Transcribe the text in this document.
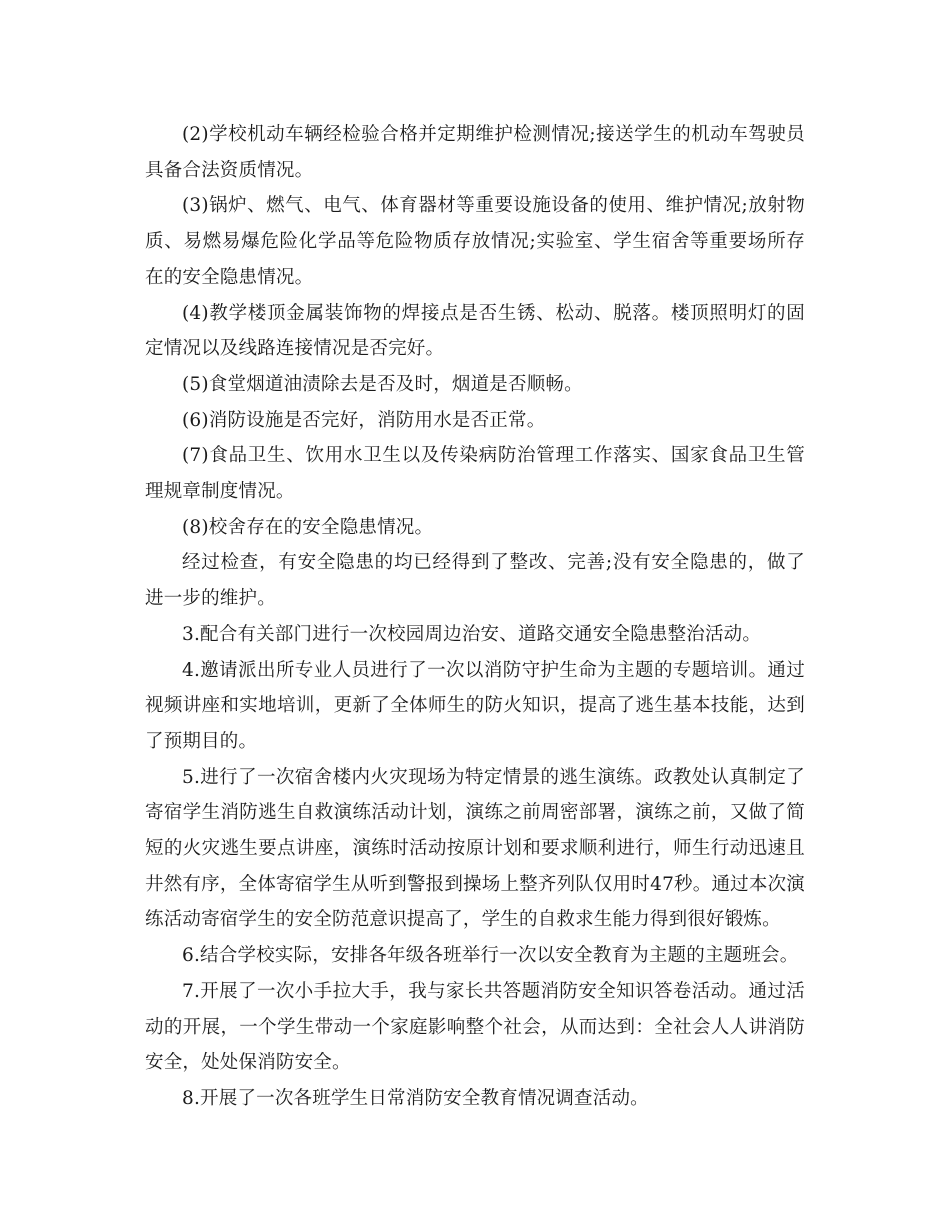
(2)学校机动车辆经检验合格并定期维护检测情况;接送学生的机动车驾驶员具备合法资质情况。

(3)锅炉、燃气、电气、体育器材等重要设施设备的使用、维护情况;放射物质、易燃易爆危险化学品等危险物质存放情况;实验室、学生宿舍等重要场所存在的安全隐患情况。

(4)教学楼顶金属装饰物的焊接点是否生锈、松动、脱落。楼顶照明灯的固定情况以及线路连接情况是否完好。

(5)食堂烟道油渍除去是否及时，烟道是否顺畅。

(6)消防设施是否完好，消防用水是否正常。

(7)食品卫生、饮用水卫生以及传染病防治管理工作落实、国家食品卫生管理规章制度情况。

(8)校舍存在的安全隐患情况。

经过检查，有安全隐患的均已经得到了整改、完善;没有安全隐患的，做了进一步的维护。

3.配合有关部门进行一次校园周边治安、道路交通安全隐患整治活动。

4.邀请派出所专业人员进行了一次以消防守护生命为主题的专题培训。通过视频讲座和实地培训，更新了全体师生的防火知识，提高了逃生基本技能，达到了预期目的。

5.进行了一次宿舍楼内火灾现场为特定情景的逃生演练。政教处认真制定了寄宿学生消防逃生自救演练活动计划，演练之前周密部署，演练之前，又做了简短的火灾逃生要点讲座，演练时活动按原计划和要求顺利进行，师生行动迅速且井然有序，全体寄宿学生从听到警报到操场上整齐列队仅用时47秒。通过本次演练活动寄宿学生的安全防范意识提高了，学生的自救求生能力得到很好锻炼。

6.结合学校实际，安排各年级各班举行一次以安全教育为主题的主题班会。

7.开展了一次小手拉大手，我与家长共答题消防安全知识答卷活动。通过活动的开展，一个学生带动一个家庭影响整个社会，从而达到：全社会人人讲消防安全，处处保消防安全。

8.开展了一次各班学生日常消防安全教育情况调查活动。
